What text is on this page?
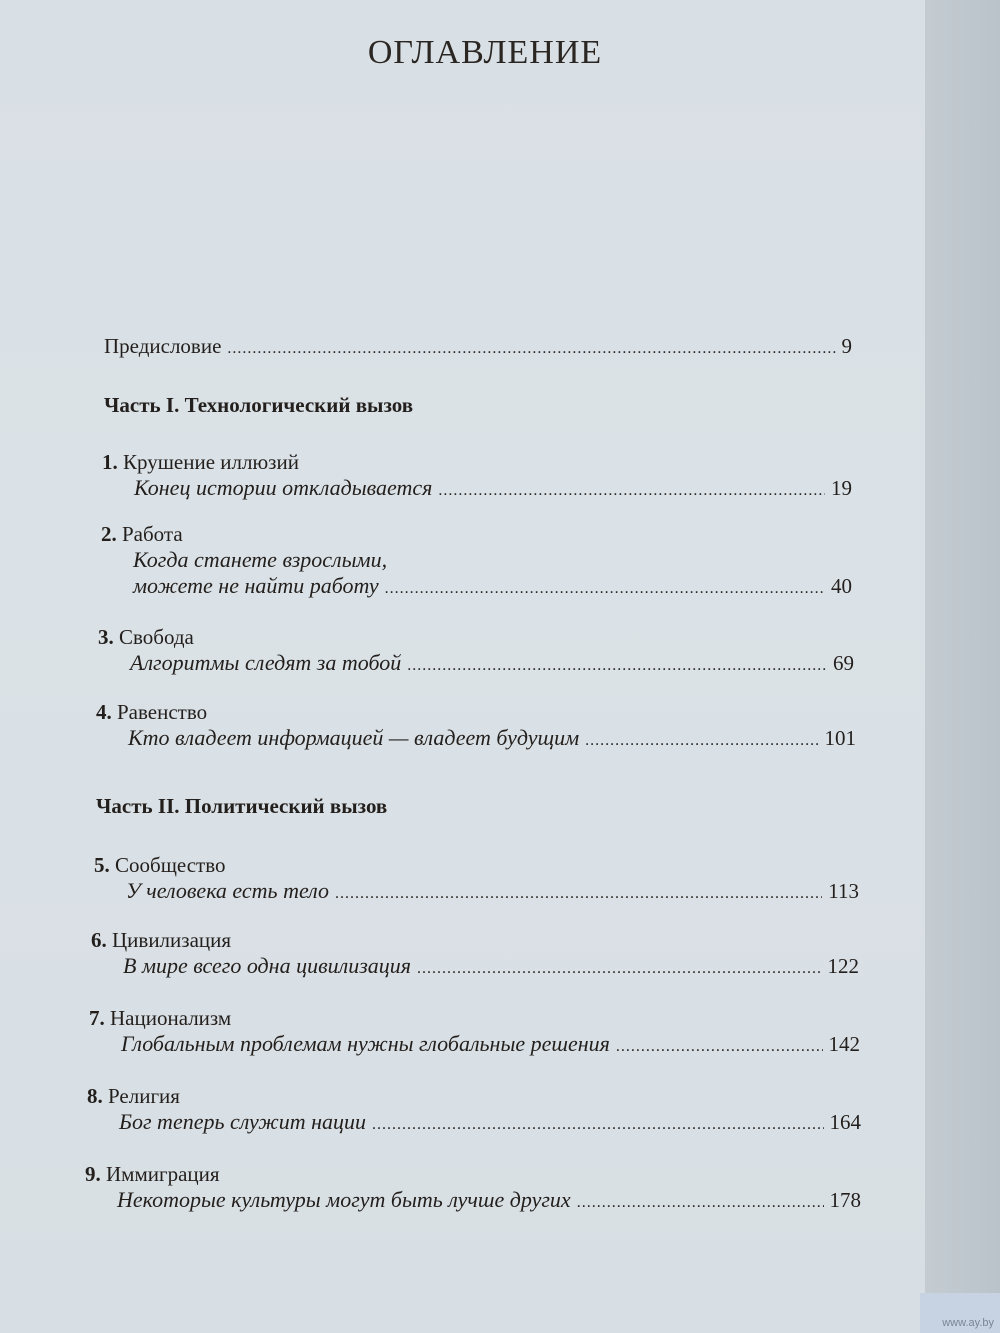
ОГЛАВЛЕНИЕ
Предисловие .....	9
Часть I. Технологический вызов
1. Крушение иллюзий
Конец истории откладывается .....	19
2. Работа
Когда станете взрослыми,
можете не найти работу .....	40
3. Свобода
Алгоритмы следят за тобой .....	69
4. Равенство
Кто владеет информацией — владеет будущим .....	101
Часть II. Политический вызов
5. Сообщество
У человека есть тело .....	113
6. Цивилизация
В мире всего одна цивилизация .....	122
7. Национализм
Глобальным проблемам нужны глобальные решения .....	142
8. Религия
Бог теперь служит нации .....	164
9. Иммиграция
Некоторые культуры могут быть лучше других .....	178
www.ay.by
